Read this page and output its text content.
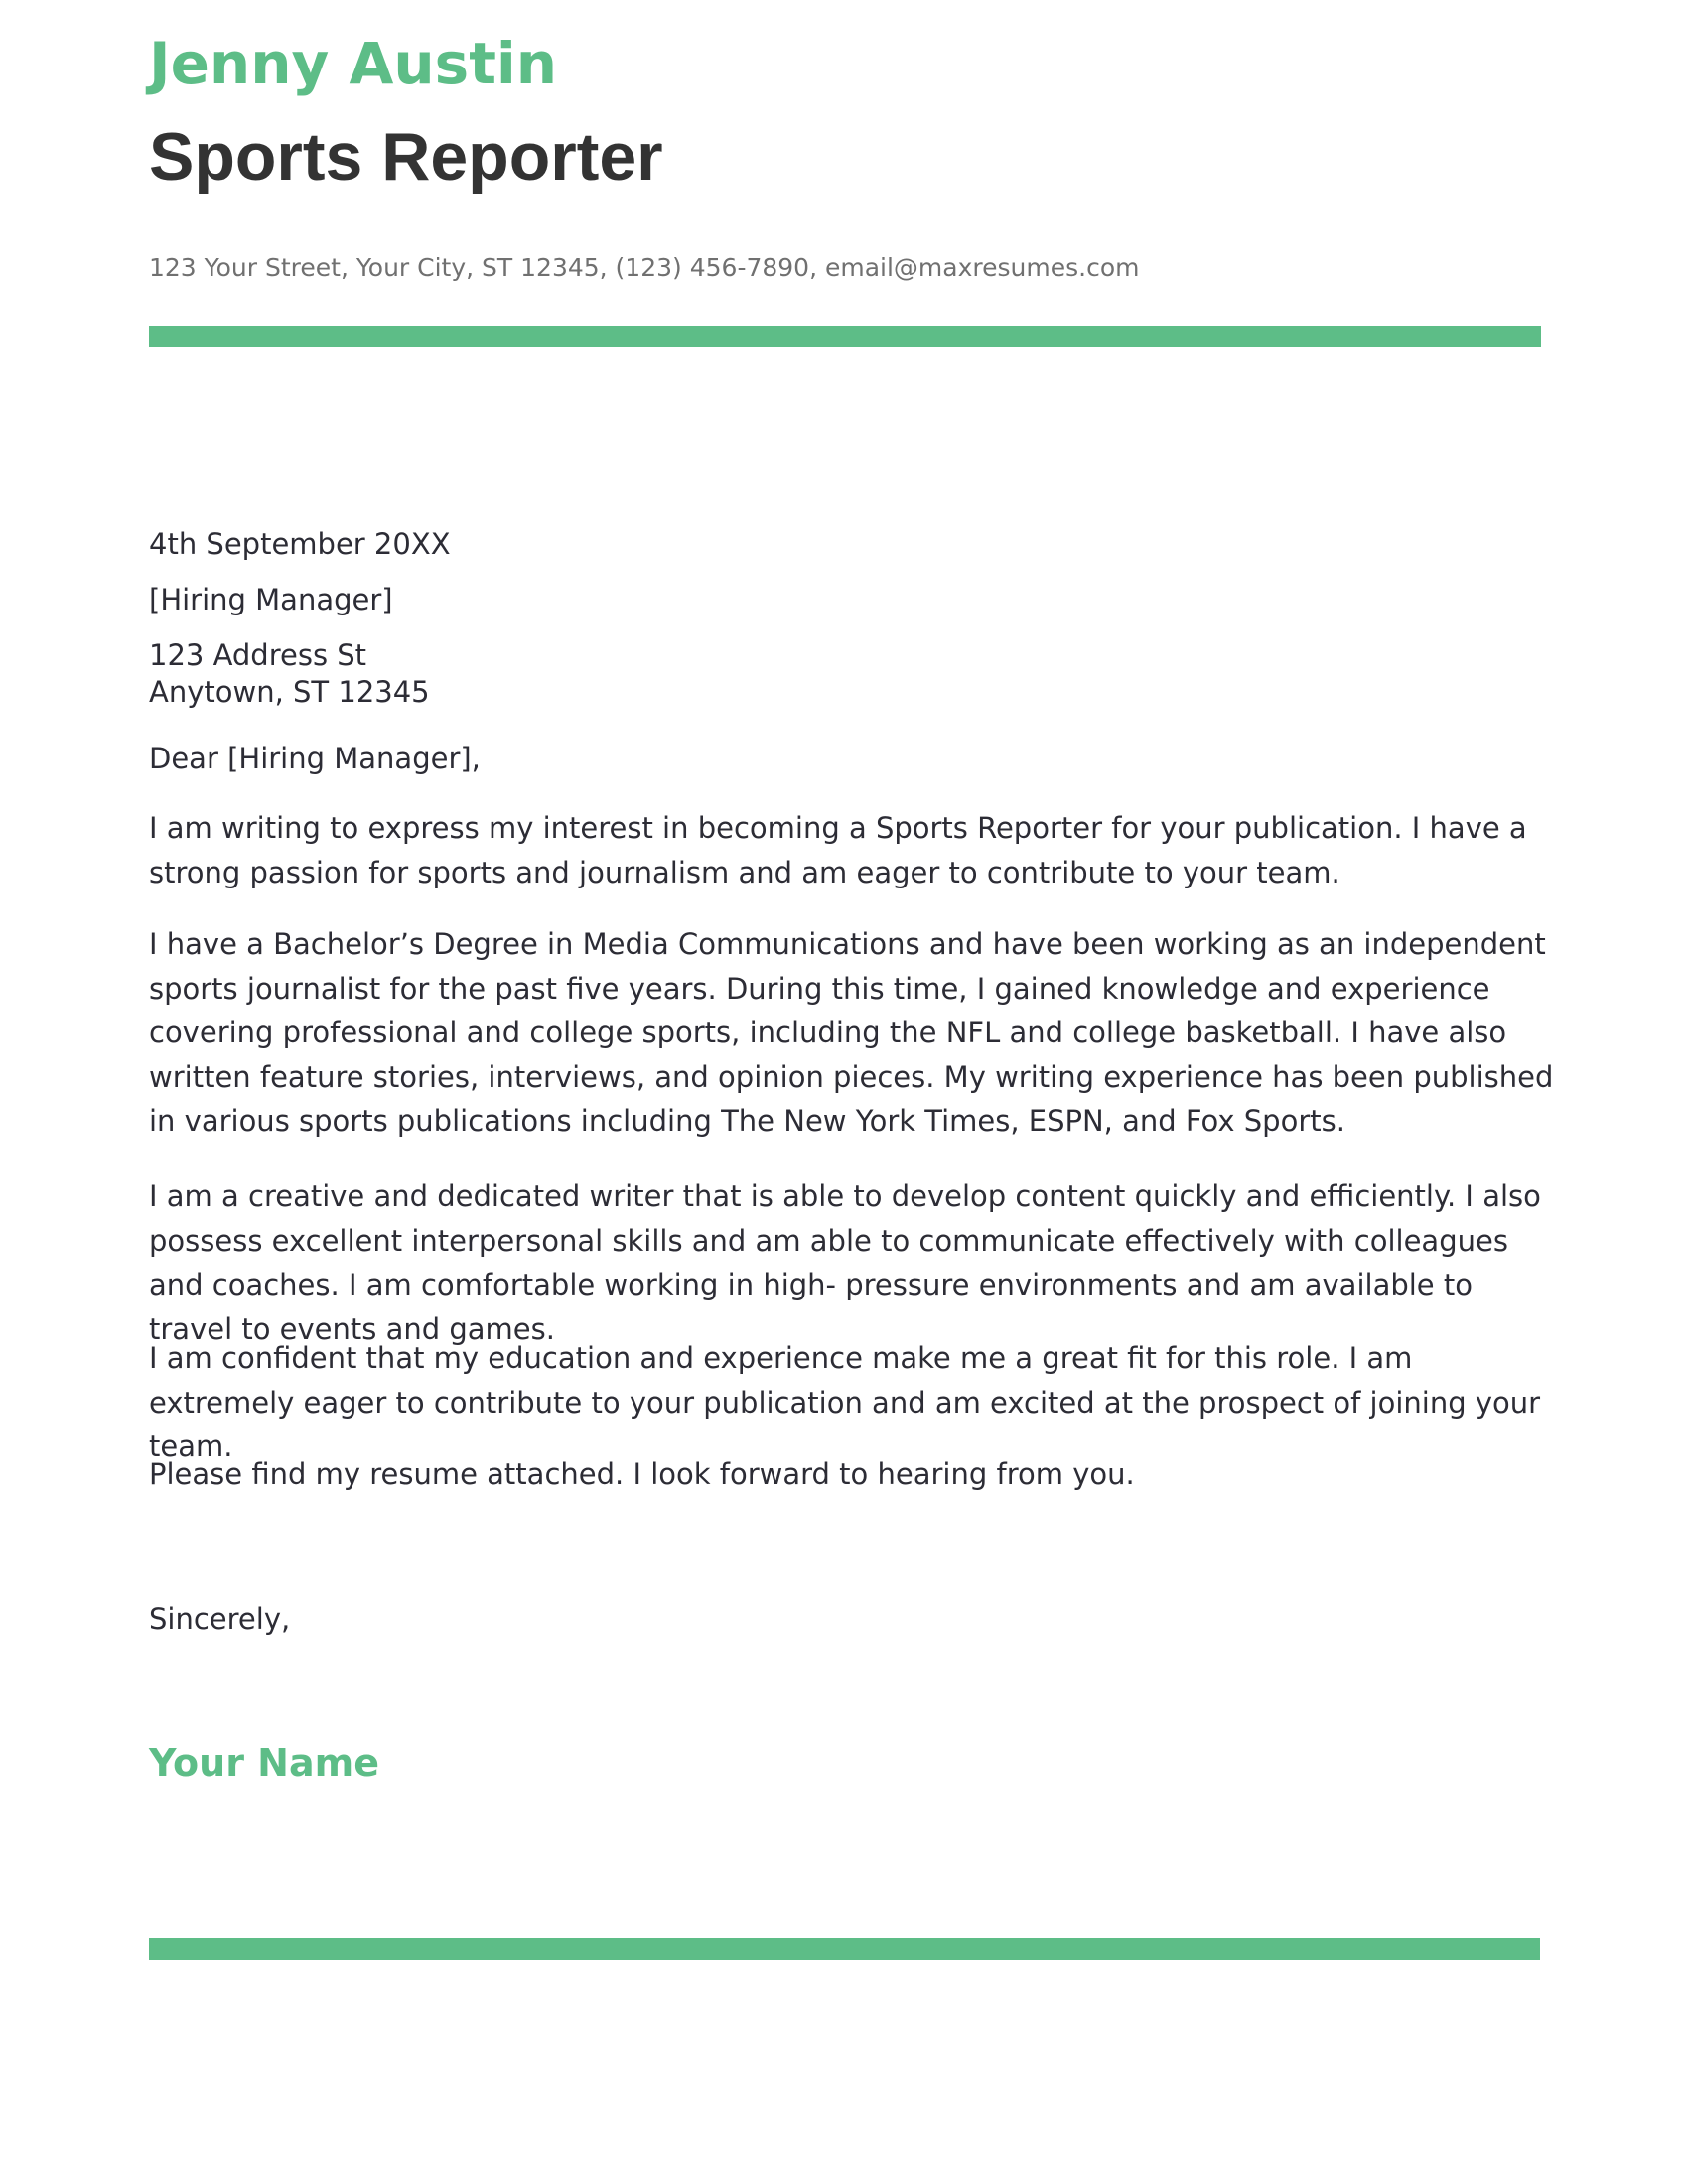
Jenny Austin
Sports Reporter
123 Your Street, Your City, ST 12345, (123) 456-7890, email@maxresumes.com

4th September 20XX

[Hiring Manager]

123 Address St

Anytown, ST 12345

Dear [Hiring Manager],

I am writing to express my interest in becoming a Sports Reporter for your publication. I have a strong passion for sports and journalism and am eager to contribute to your team.

I have a Bachelor’s Degree in Media Communications and have been working as an independent sports journalist for the past five years. During this time, I gained knowledge and experience covering professional and college sports, including the NFL and college basketball. I have also written feature stories, interviews, and opinion pieces. My writing experience has been published in various sports publications including The New York Times, ESPN, and Fox Sports.

I am a creative and dedicated writer that is able to develop content quickly and efficiently. I also possess excellent interpersonal skills and am able to communicate effectively with colleagues and coaches. I am comfortable working in high- pressure environments and am available to travel to events and games.

I am confident that my education and experience make me a great fit for this role. I am extremely eager to contribute to your publication and am excited at the prospect of joining your team.

Please find my resume attached. I look forward to hearing from you.

Sincerely,

Your Name
